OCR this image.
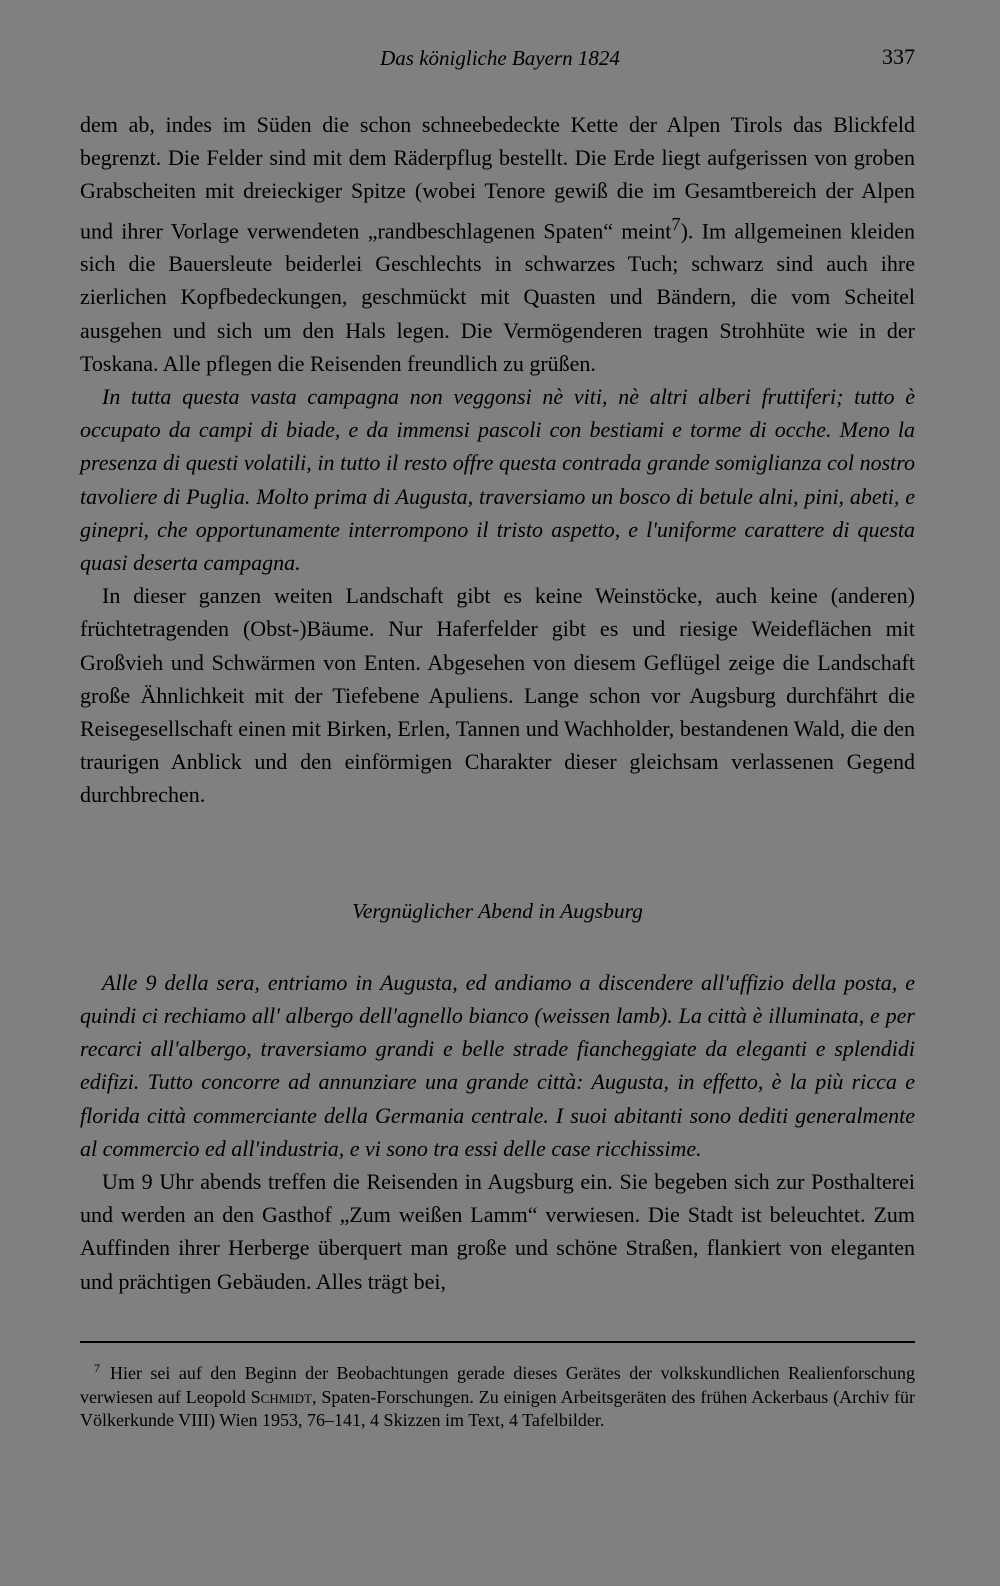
Das königliche Bayern 1824	337

dem ab, indes im Süden die schon schneebedeckte Kette der Alpen Tirols das Blickfeld begrenzt. Die Felder sind mit dem Räderpflug bestellt. Die Erde liegt aufgerissen von groben Grabscheiten mit dreieckiger Spitze (wobei Tenore gewiß die im Gesamtbereich der Alpen und ihrer Vorlage verwendeten „randbeschlagenen Spaten“ meint$^7$). Im allgemeinen kleiden sich die Bauersleute beiderlei Geschlechts in schwarzes Tuch; schwarz sind auch ihre zierlichen Kopfbedeckungen, geschmückt mit Quasten und Bändern, die vom Scheitel ausgehen und sich um den Hals legen. Die Vermögenderen tragen Strohhüte wie in der Toskana. Alle pflegen die Reisenden freundlich zu grüßen.

In tutta questa vasta campagna non veggonsi nè viti, nè altri alberi fruttiferi; tutto è occupato da campi di biade, e da immensi pascoli con bestiami e torme di ocche. Meno la presenza di questi volatili, in tutto il resto offre questa contrada grande somiglianza col nostro tavoliere di Puglia. Molto prima di Augusta, traversiamo un bosco di betule alni, pini, abeti, e ginepri, che opportunamente interrompono il tristo aspetto, e l'uniforme carattere di questa quasi deserta campagna.

In dieser ganzen weiten Landschaft gibt es keine Weinstöcke, auch keine (anderen) früchtetragenden (Obst-)Bäume. Nur Haferfelder gibt es und riesige Weideflächen mit Großvieh und Schwärmen von Enten. Abgesehen von diesem Geflügel zeige die Landschaft große Ähnlichkeit mit der Tiefebene Apuliens. Lange schon vor Augsburg durchfährt die Reisegesellschaft einen mit Birken, Erlen, Tannen und Wachholder, bestandenen Wald, die den traurigen Anblick und den einförmigen Charakter dieser gleichsam verlassenen Gegend durchbrechen.

Vergnüglicher Abend in Augsburg

Alle 9 della sera, entriamo in Augusta, ed andiamo a discendere all'uffizio della posta, e quindi ci rechiamo all' albergo dell'agnello bianco (weissen lamb). La città è illuminata, e per recarci all'albergo, traversiamo grandi e belle strade fiancheggiate da eleganti e splendidi edifizi. Tutto concorre ad annunziare una grande città: Augusta, in effetto, è la più ricca e florida città commerciante della Germania centrale. I suoi abitanti sono dediti generalmente al commercio ed all'industria, e vi sono tra essi delle case ricchissime.

Um 9 Uhr abends treffen die Reisenden in Augsburg ein. Sie begeben sich zur Posthalterei und werden an den Gasthof „Zum weißen Lamm“ verwiesen. Die Stadt ist beleuchtet. Zum Auffinden ihrer Herberge überquert man große und schöne Straßen, flankiert von eleganten und prächtigen Gebäuden. Alles trägt bei,

$^7$ Hier sei auf den Beginn der Beobachtungen gerade dieses Gerätes der volkskundlichen Realienforschung verwiesen auf Leopold Schmidt, Spaten-Forschungen. Zu einigen Arbeitsgeräten des frühen Ackerbaus (Archiv für Völkerkunde VIII) Wien 1953, 76–141, 4 Skizzen im Text, 4 Tafelbilder.
